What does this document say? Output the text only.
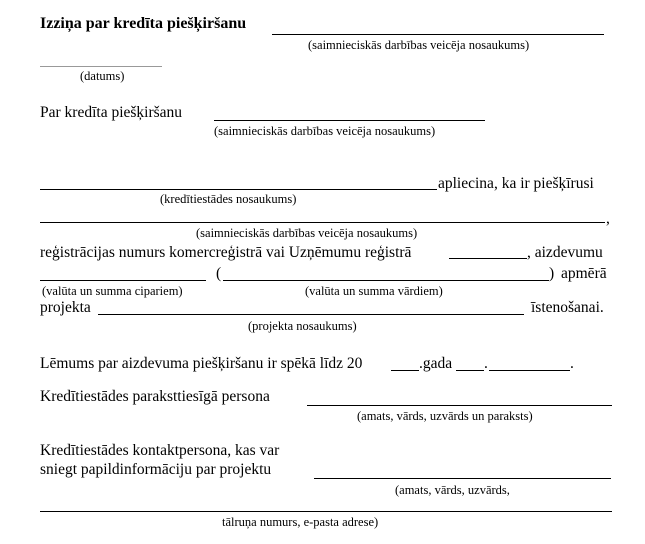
Izziņa par kredīta piešķiršanu
(saimnieciskās darbības veicēja nosaukums)
(datums)
Par kredīta piešķiršanu
(saimnieciskās darbības veicēja nosaukums)
apliecina, ka ir piešķīrusi
(kredītiestādes nosaukums)
,
(saimnieciskās darbības veicēja nosaukums)
reģistrācijas numurs komercreģistrā vai Uzņēmumu reģistrā	, aizdevumu
(	) apmērā
(valūta un summa cipariem)	(valūta un summa vārdiem)
projekta	īstenošanai.
(projekta nosaukums)
Lēmums par aizdevuma piešķiršanu ir spēkā līdz 20	.gada .	.
Kredītiestādes paraksttiesīgā persona
(amats, vārds, uzvārds un paraksts)
Kredītiestādes kontaktpersona, kas var
sniegt papildinformāciju par projektu
(amats, vārds, uzvārds,
tālruņa numurs, e-pasta adrese)
